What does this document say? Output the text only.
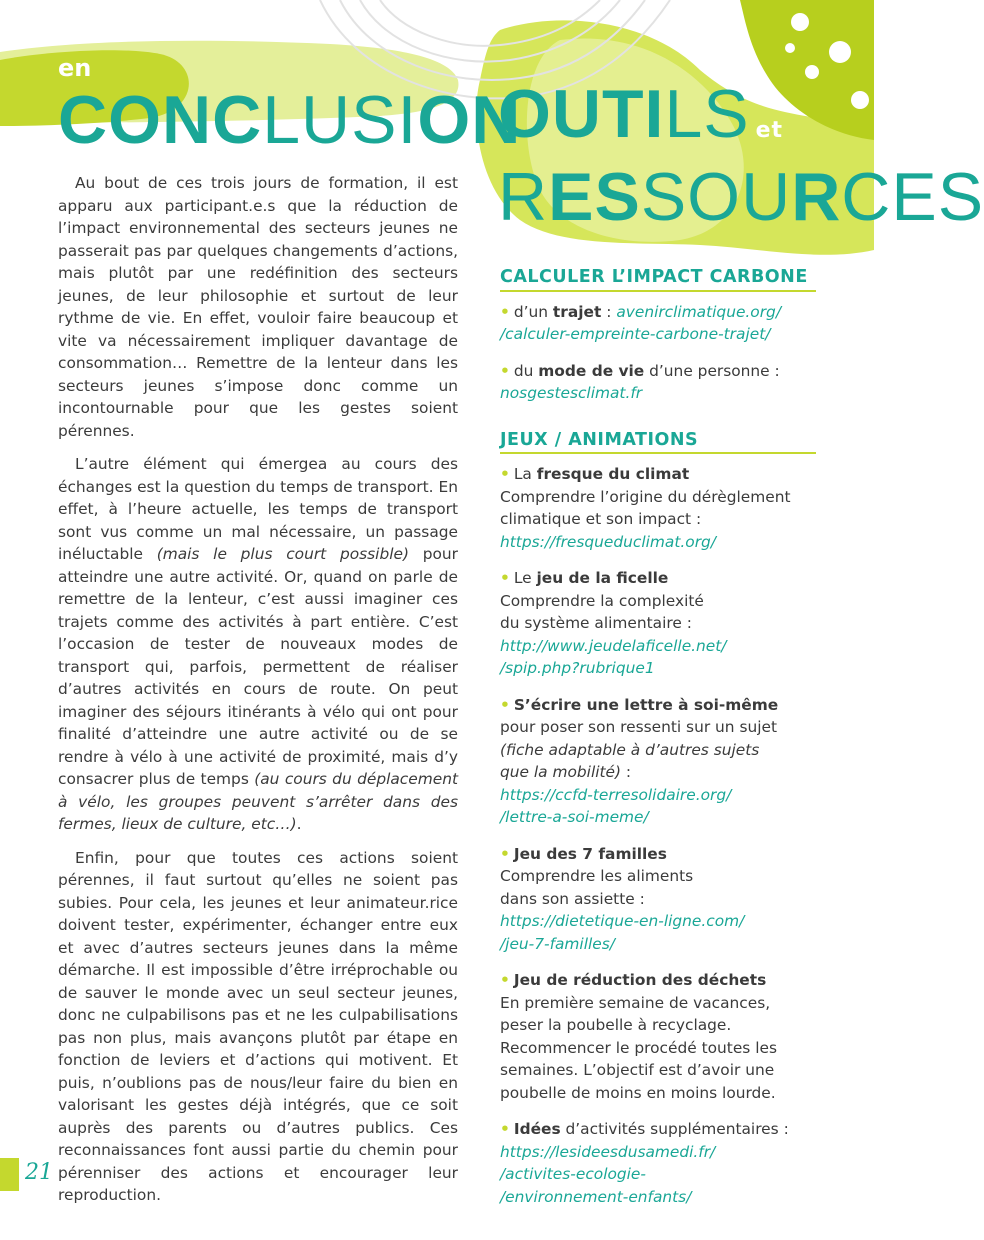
en
CONCLUSION
OUTILS et
RESSOURCES

Au bout de ces trois jours de formation, il est apparu aux participant.e.s que la réduction de l’impact environnemental des secteurs jeunes ne passerait pas par quelques changements d’actions, mais plutôt par une redéfinition des secteurs jeunes, de leur philosophie et surtout de leur rythme de vie. En effet, vouloir faire beaucoup et vite va nécessairement impliquer davantage de consommation… Remettre de la lenteur dans les secteurs jeunes s’impose donc comme un incontournable pour que les gestes soient pérennes.

L’autre élément qui émergea au cours des échanges est la question du temps de transport. En effet, à l’heure actuelle, les temps de transport sont vus comme un mal nécessaire, un passage inéluctable (mais le plus court possible) pour atteindre une autre activité. Or, quand on parle de remettre de la lenteur, c’est aussi imaginer ces trajets comme des activités à part entière. C’est l’occasion de tester de nouveaux modes de transport qui, parfois, permettent de réaliser d’autres activités en cours de route. On peut imaginer des séjours itinérants à vélo qui ont pour finalité d’atteindre une autre activité ou de se rendre à vélo à une activité de proximité, mais d’y consacrer plus de temps (au cours du déplacement à vélo, les groupes peuvent s’arrêter dans des fermes, lieux de culture, etc…).

Enfin, pour que toutes ces actions soient pérennes, il faut surtout qu’elles ne soient pas subies. Pour cela, les jeunes et leur animateur.rice doivent tester, expérimenter, échanger entre eux et avec d’autres secteurs jeunes dans la même démarche. Il est impossible d’être irréprochable ou de sauver le monde avec un seul secteur jeunes, donc ne culpabilisons pas et ne les culpabilisations pas non plus, mais avançons plutôt par étape en fonction de leviers et d’actions qui motivent. Et puis, n’oublions pas de nous/leur faire du bien en valorisant les gestes déjà intégrés, que ce soit auprès des parents ou d’autres publics. Ces reconnaissances font aussi partie du chemin pour pérenniser des actions et encourager leur reproduction.

21
CALCULER L’IMPACT CARBONE
• d’un trajet : avenirclimatique.org/
/calculer-empreinte-carbone-trajet/
• du mode de vie d’une personne :
nosgestesclimat.fr
JEUX / ANIMATIONS
• La fresque du climat
Comprendre l’origine du dérèglement
climatique et son impact :
https://fresqueduclimat.org/
• Le jeu de la ficelle
Comprendre la complexité
du système alimentaire :
http://www.jeudelaficelle.net/
/spip.php?rubrique1
• S’écrire une lettre à soi-même
pour poser son ressenti sur un sujet
(fiche adaptable à d’autres sujets
que la mobilité) :
https://ccfd-terresolidaire.org/
/lettre-a-soi-meme/
• Jeu des 7 familles
Comprendre les aliments
dans son assiette :
https://dietetique-en-ligne.com/
/jeu-7-familles/
• Jeu de réduction des déchets
En première semaine de vacances,
peser la poubelle à recyclage.
Recommencer le procédé toutes les
semaines. L’objectif est d’avoir une
poubelle de moins en moins lourde.
• Idées d’activités supplémentaires :
https://lesideesdusamedi.fr/
/activites-ecologie-
/environnement-enfants/
